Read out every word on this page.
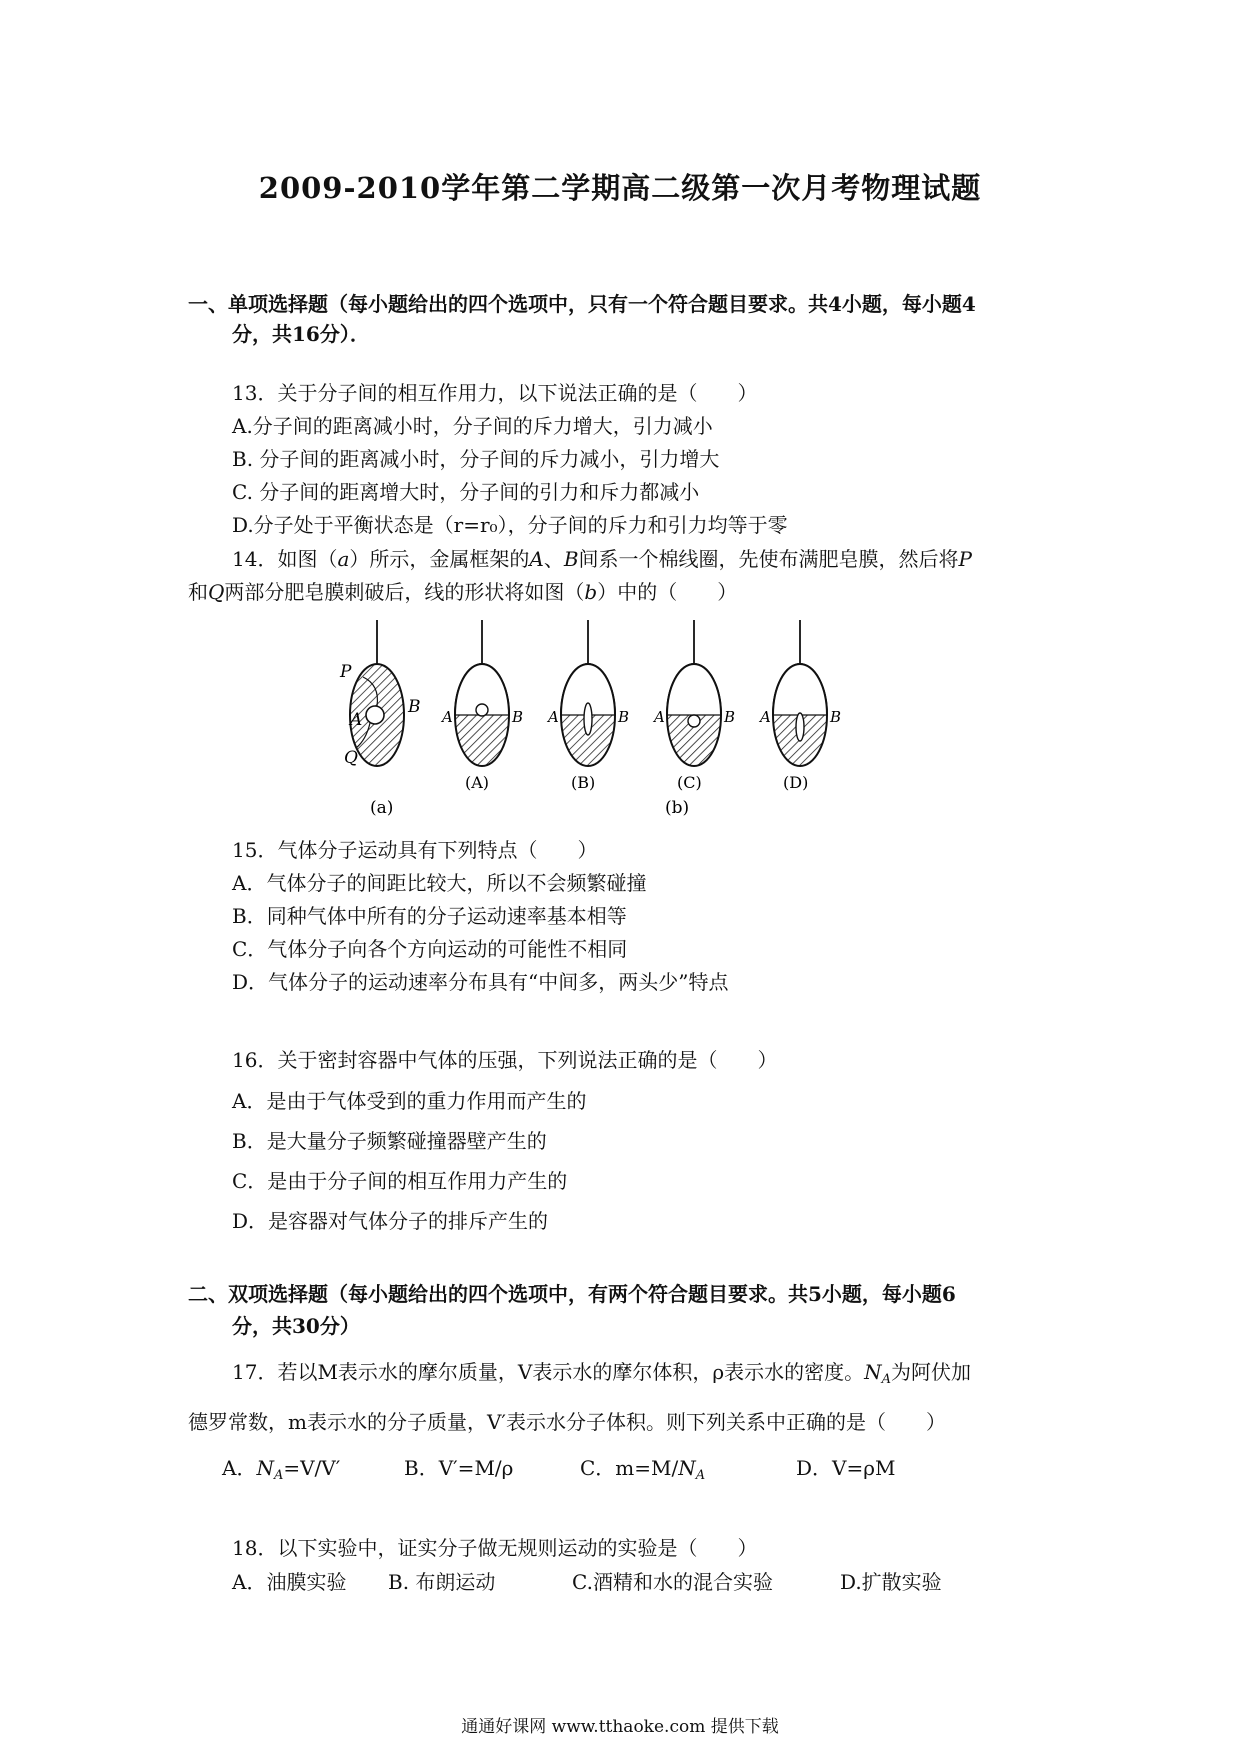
2009-2010学年第二学期高二级第一次月考物理试题
一、单项选择题（每小题给出的四个选项中，只有一个符合题目要求。共4小题，每小题4
分，共16分）．
13．关于分子间的相互作用力，以下说法正确的是（　　）
A.分子间的距离减小时，分子间的斥力增大，引力减小
B. 分子间的距离减小时，分子间的斥力减小，引力增大
C. 分子间的距离增大时，分子间的引力和斥力都减小
D.分子处于平衡状态是（r=r₀），分子间的斥力和引力均等于零
14．如图（a）所示，金属框架的A、B间系一个棉线圈，先使布满肥皂膜，然后将P
和Q两部分肥皂膜刺破后，线的形状将如图（b）中的（　　）
P
A
B
Q
(a)
A	B
(A)
A	B
(B)
A	B
(C)
A	B
(D)
(b)
15．气体分子运动具有下列特点（　　）
A．气体分子的间距比较大，所以不会频繁碰撞
B．同种气体中所有的分子运动速率基本相等
C．气体分子向各个方向运动的可能性不相同
D．气体分子的运动速率分布具有“中间多，两头少”特点
16．关于密封容器中气体的压强，下列说法正确的是（　　）
A．是由于气体受到的重力作用而产生的
B．是大量分子频繁碰撞器壁产生的
C．是由于分子间的相互作用力产生的
D．是容器对气体分子的排斥产生的
二、双项选择题（每小题给出的四个选项中，有两个符合题目要求。共5小题，每小题6
分，共30分）
17．若以M表示水的摩尔质量，V表示水的摩尔体积，ρ表示水的密度。$N_A$为阿伏加
德罗常数，m表示水的分子质量，V′表示水分子体积。则下列关系中正确的是（　　）
A．$N_A=V/V'$	B．V′=M/ρ	C．$m=M/N_A$	D．V=ρM
18．以下实验中，证实分子做无规则运动的实验是（　　）
A．油膜实验 B. 布朗运动	C.酒精和水的混合实验	D.扩散实验
通通好课网 www.tthaoke.com 提供下载
